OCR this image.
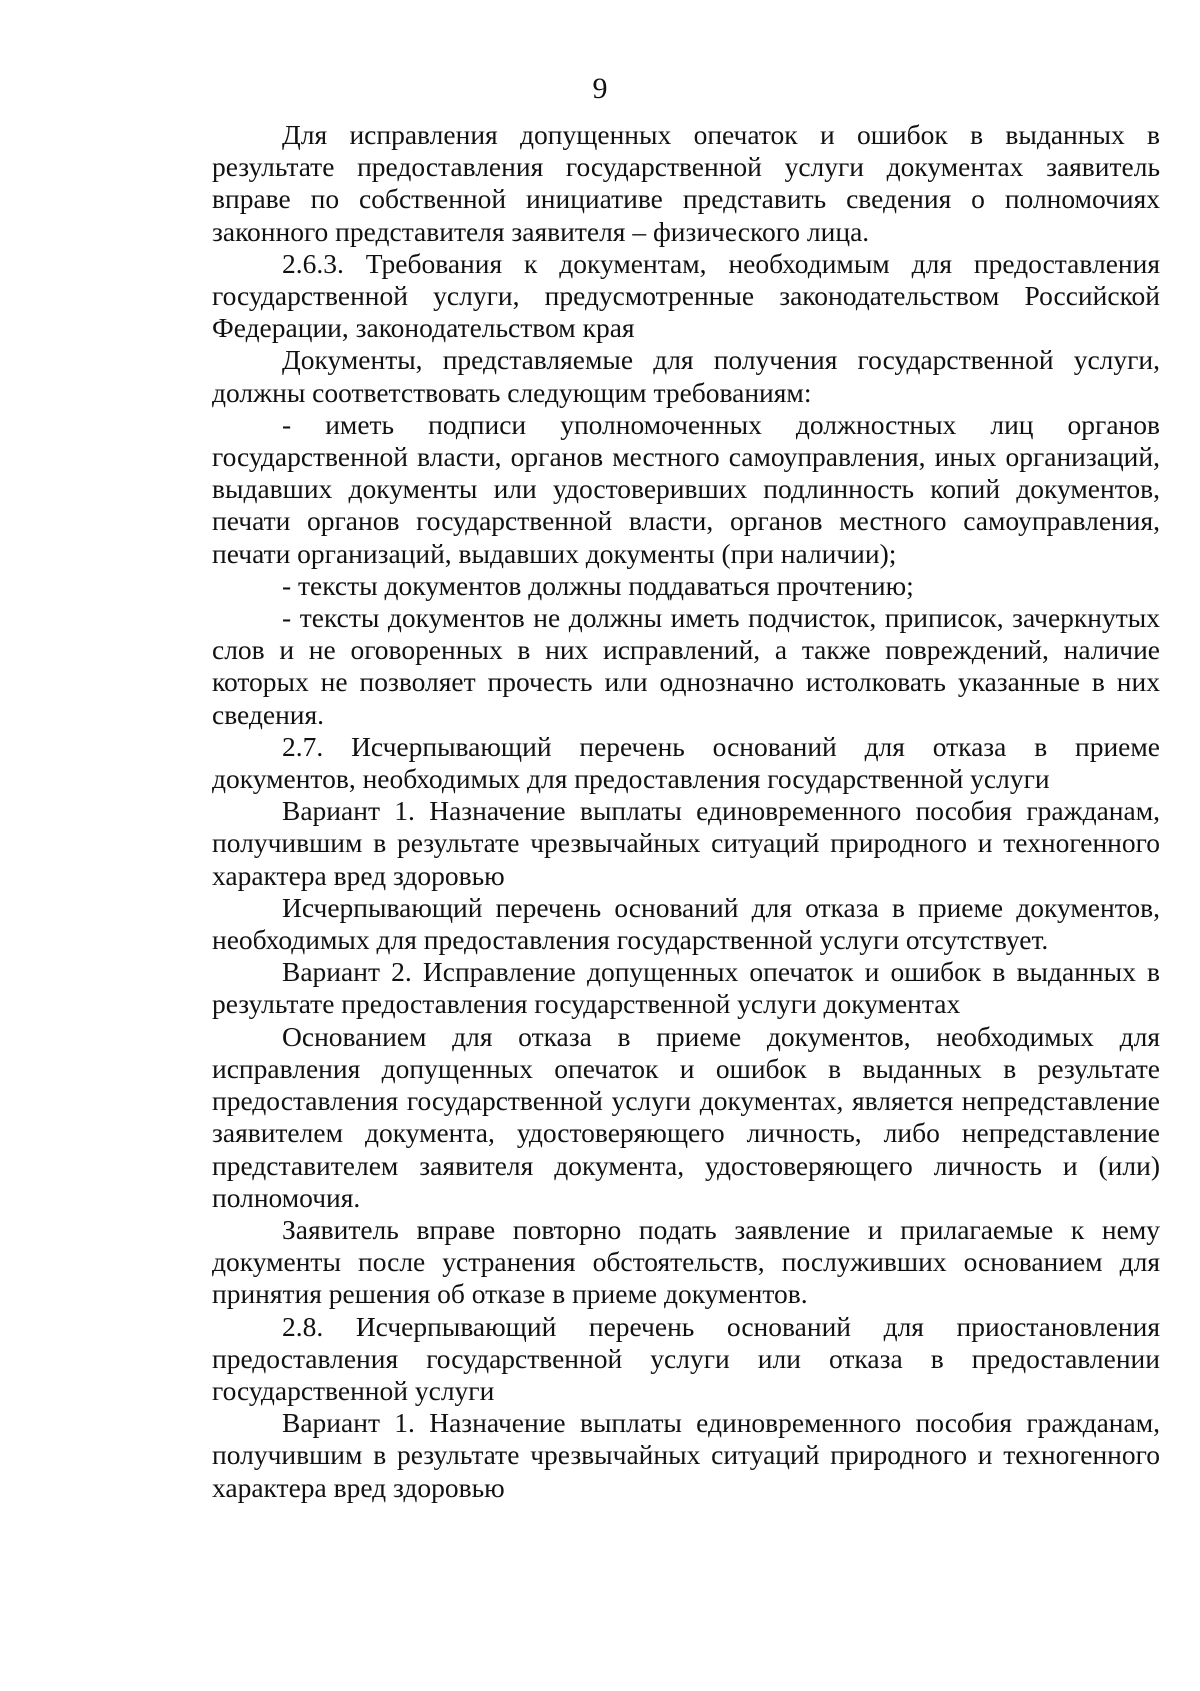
9

Для исправления допущенных опечаток и ошибок в выданных в результате предоставления государственной услуги документах заявитель вправе по собственной инициативе представить сведения о полномочиях законного представителя заявителя – физического лица.

2.6.3. Требования к документам, необходимым для предоставления государственной услуги, предусмотренные законодательством Российской Федерации, законодательством края

Документы, представляемые для получения государственной услуги, должны соответствовать следующим требованиям:

- иметь подписи уполномоченных должностных лиц органов государственной власти, органов местного самоуправления, иных организаций, выдавших документы или удостоверивших подлинность копий документов, печати органов государственной власти, органов местного самоуправления, печати организаций, выдавших документы (при наличии);

- тексты документов должны поддаваться прочтению;

- тексты документов не должны иметь подчисток, приписок, зачеркнутых слов и не оговоренных в них исправлений, а также повреждений, наличие которых не позволяет прочесть или однозначно истолковать указанные в них сведения.

2.7. Исчерпывающий перечень оснований для отказа в приеме документов, необходимых для предоставления государственной услуги

Вариант 1. Назначение выплаты единовременного пособия гражданам, получившим в результате чрезвычайных ситуаций природного и техногенного характера вред здоровью

Исчерпывающий перечень оснований для отказа в приеме документов, необходимых для предоставления государственной услуги отсутствует.

Вариант 2. Исправление допущенных опечаток и ошибок в выданных в результате предоставления государственной услуги документах

Основанием для отказа в приеме документов, необходимых для исправления допущенных опечаток и ошибок в выданных в результате предоставления государственной услуги документах, является непредставление заявителем документа, удостоверяющего личность, либо непредставление представителем заявителя документа, удостоверяющего личность и (или) полномочия.

Заявитель вправе повторно подать заявление и прилагаемые к нему документы после устранения обстоятельств, послуживших основанием для принятия решения об отказе в приеме документов.

2.8. Исчерпывающий перечень оснований для приостановления предоставления государственной услуги или отказа в предоставлении государственной услуги

Вариант 1. Назначение выплаты единовременного пособия гражданам, получившим в результате чрезвычайных ситуаций природного и техногенного характера вред здоровью
